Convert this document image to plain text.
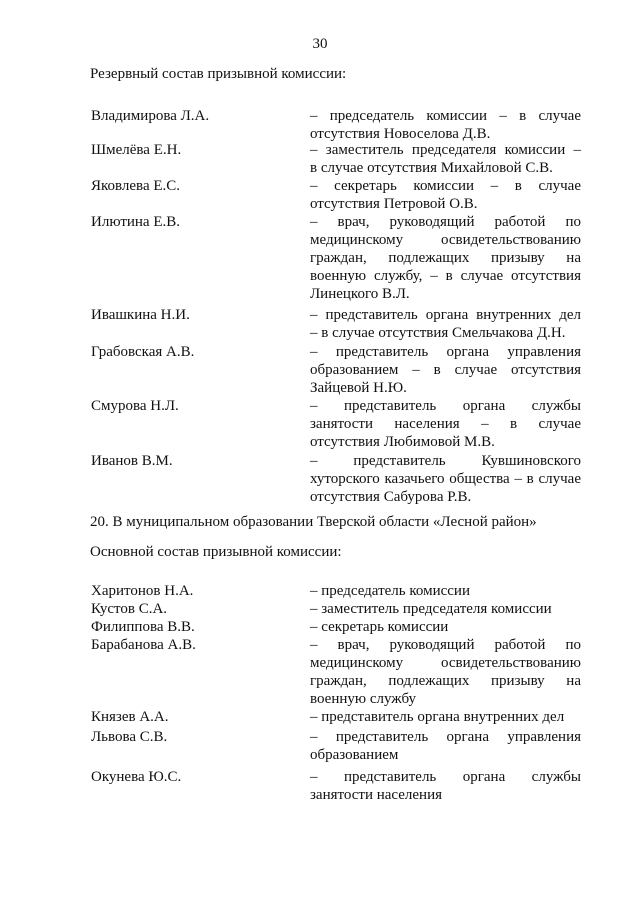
30
Резервный состав призывной комиссии:
Владимирова Л.А.	– председатель комиссии – в случае
отсутствия Новоселова Д.В.
Шмелёва Е.Н.	– заместитель председателя комиссии –
в случае отсутствия Михайловой С.В.
Яковлева Е.С.	– секретарь комиссии – в случае
отсутствия Петровой О.В.
Илютина Е.В.	– врач, руководящий работой по
медицинскому освидетельствованию
граждан, подлежащих призыву на
военную службу, – в случае отсутствия
Линецкого В.Л.
Ивашкина Н.И.	– представитель органа внутренних дел
– в случае отсутствия Смельчакова Д.Н.
Грабовская А.В.	– представитель органа управления
образованием – в случае отсутствия
Зайцевой Н.Ю.
Смурова Н.Л.	– представитель органа службы
занятости населения – в случае
отсутствия Любимовой М.В.
Иванов В.М.	– представитель Кувшиновского
хуторского казачьего общества – в случае
отсутствия Сабурова Р.В.
20. В муниципальном образовании Тверской области «Лесной район»
Основной состав призывной комиссии:
Харитонов Н.А.	– председатель комиссии
Кустов С.А.	– заместитель председателя комиссии
Филиппова В.В.	– секретарь комиссии
Барабанова А.В.	– врач, руководящий работой по
медицинскому освидетельствованию
граждан, подлежащих призыву на
военную службу
Князев А.А.	– представитель органа внутренних дел
Львова С.В.	– представитель органа управления
образованием
Окунева Ю.С.	– представитель органа службы
занятости населения
